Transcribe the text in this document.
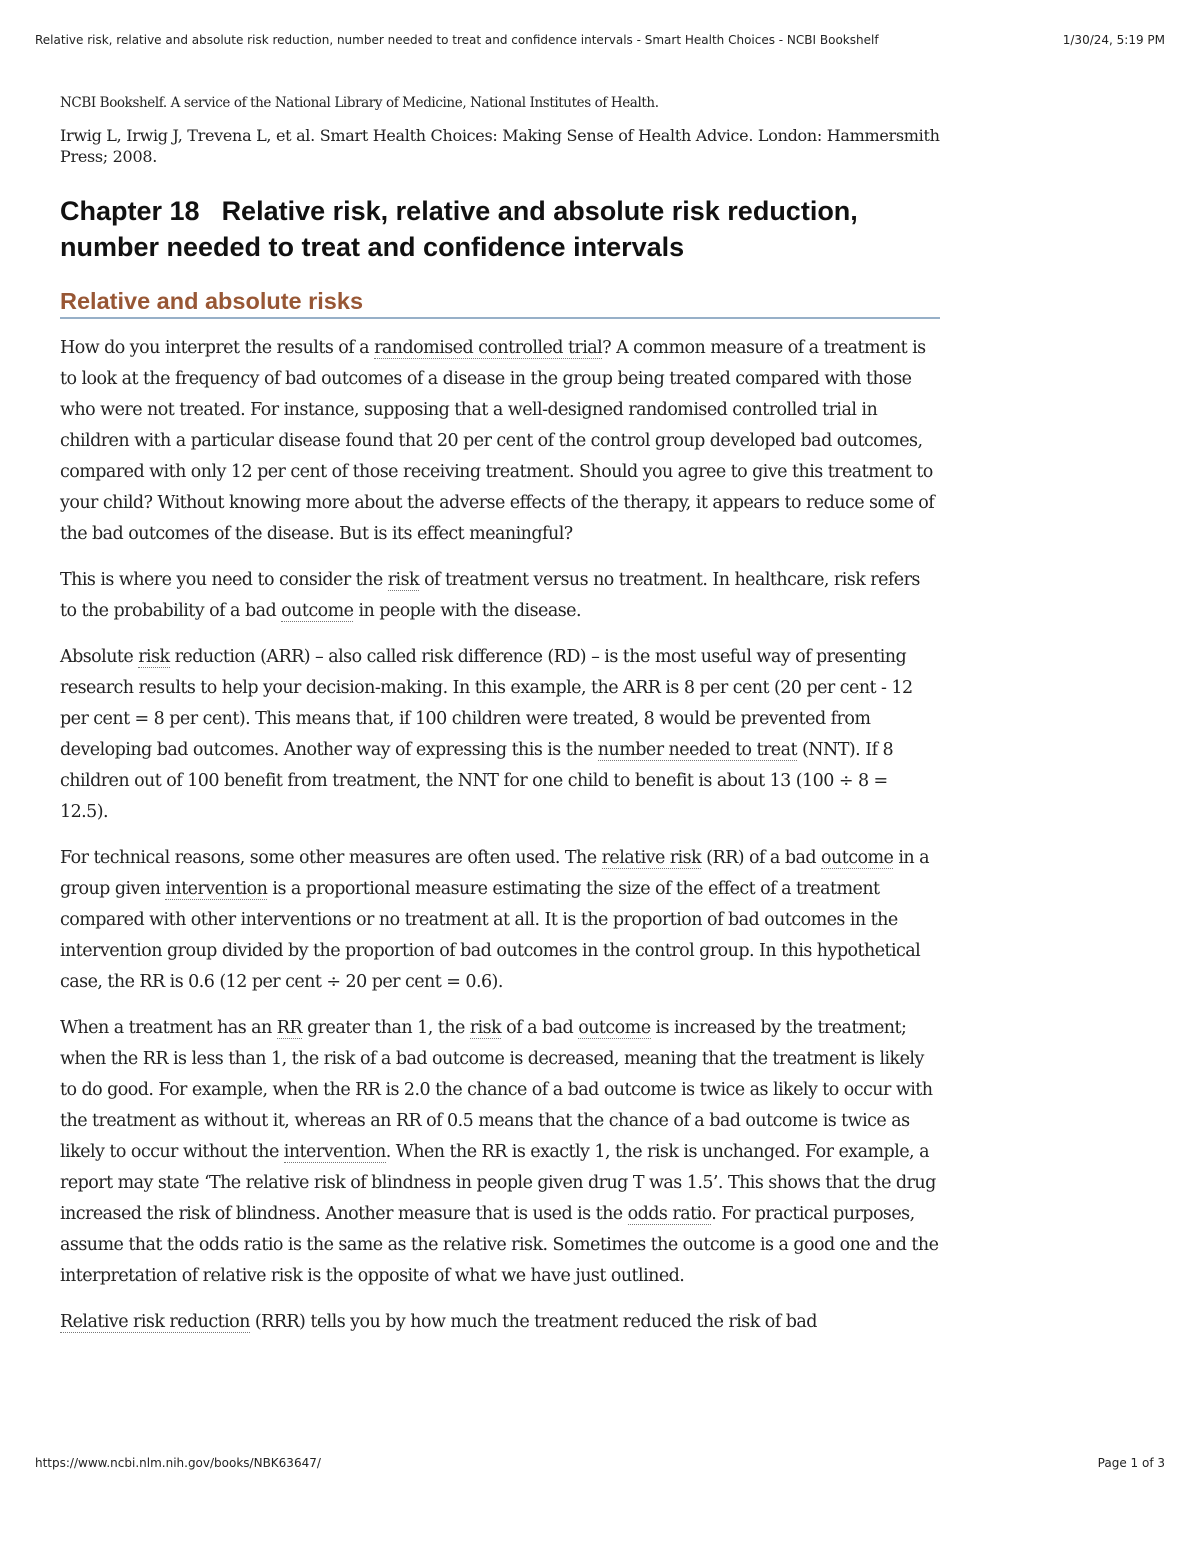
Relative risk, relative and absolute risk reduction, number needed to treat and confidence intervals - Smart Health Choices - NCBI Bookshelf	1/30/24, 5:19 PM
NCBI Bookshelf. A service of the National Library of Medicine, National Institutes of Health.
Irwig L, Irwig J, Trevena L, et al. Smart Health Choices: Making Sense of Health Advice. London: Hammersmith Press; 2008.
Chapter 18 Relative risk, relative and absolute risk reduction, number needed to treat and confidence intervals
Relative and absolute risks

How do you interpret the results of a randomised controlled trial? A common measure of a treatment is to look at the frequency of bad outcomes of a disease in the group being treated compared with those who were not treated. For instance, supposing that a well-designed randomised controlled trial in children with a particular disease found that 20 per cent of the control group developed bad outcomes, compared with only 12 per cent of those receiving treatment. Should you agree to give this treatment to your child? Without knowing more about the adverse effects of the therapy, it appears to reduce some of the bad outcomes of the disease. But is its effect meaningful?

This is where you need to consider the risk of treatment versus no treatment. In healthcare, risk refers to the probability of a bad outcome in people with the disease.

Absolute risk reduction (ARR) – also called risk difference (RD) – is the most useful way of presenting research results to help your decision-making. In this example, the ARR is 8 per cent (20 per cent - 12 per cent = 8 per cent). This means that, if 100 children were treated, 8 would be prevented from developing bad outcomes. Another way of expressing this is the number needed to treat (NNT). If 8 children out of 100 benefit from treatment, the NNT for one child to benefit is about 13 (100 ÷ 8 = 12.5).

For technical reasons, some other measures are often used. The relative risk (RR) of a bad outcome in a group given intervention is a proportional measure estimating the size of the effect of a treatment compared with other interventions or no treatment at all. It is the proportion of bad outcomes in the intervention group divided by the proportion of bad outcomes in the control group. In this hypothetical case, the RR is 0.6 (12 per cent ÷ 20 per cent = 0.6).

When a treatment has an RR greater than 1, the risk of a bad outcome is increased by the treatment; when the RR is less than 1, the risk of a bad outcome is decreased, meaning that the treatment is likely to do good. For example, when the RR is 2.0 the chance of a bad outcome is twice as likely to occur with the treatment as without it, whereas an RR of 0.5 means that the chance of a bad outcome is twice as likely to occur without the intervention. When the RR is exactly 1, the risk is unchanged. For example, a report may state ‘The relative risk of blindness in people given drug T was 1.5’. This shows that the drug increased the risk of blindness. Another measure that is used is the odds ratio. For practical purposes, assume that the odds ratio is the same as the relative risk. Sometimes the outcome is a good one and the interpretation of relative risk is the opposite of what we have just outlined.

Relative risk reduction (RRR) tells you by how much the treatment reduced the risk of bad

https://www.ncbi.nlm.nih.gov/books/NBK63647/	Page 1 of 3
